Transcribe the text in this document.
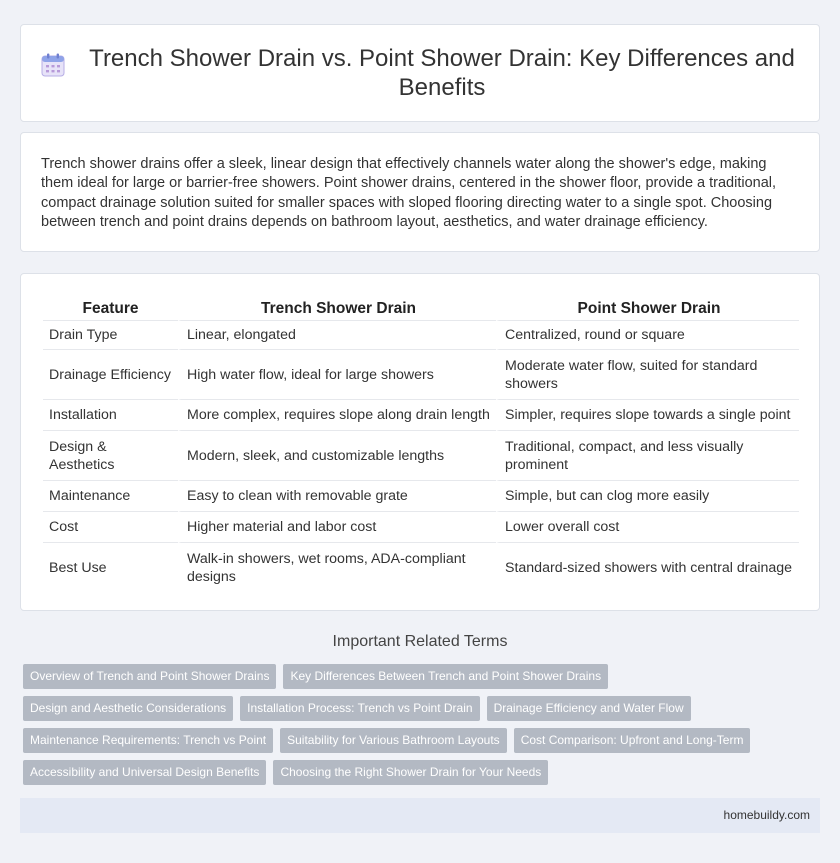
Trench Shower Drain vs. Point Shower Drain: Key Differences and Benefits

Trench shower drains offer a sleek, linear design that effectively channels water along the shower's edge, making them ideal for large or barrier-free showers. Point shower drains, centered in the shower floor, provide a traditional, compact drainage solution suited for smaller spaces with sloped flooring directing water to a single spot. Choosing between trench and point drains depends on bathroom layout, aesthetics, and water drainage efficiency.

Feature	Trench Shower Drain	Point Shower Drain
Drain Type	Linear, elongated	Centralized, round or square
Drainage Efficiency	High water flow, ideal for large showers	Moderate water flow, suited for standard showers
Installation	More complex, requires slope along drain length	Simpler, requires slope towards a single point
Design & Aesthetics	Modern, sleek, and customizable lengths	Traditional, compact, and less visually prominent
Maintenance	Easy to clean with removable grate	Simple, but can clog more easily
Cost	Higher material and labor cost	Lower overall cost
Best Use	Walk-in showers, wet rooms, ADA-compliant designs	Standard-sized showers with central drainage
Important Related Terms
Overview of Trench and Point Shower Drains	Key Differences Between Trench and Point Shower Drains
Design and Aesthetic Considerations	Installation Process: Trench vs Point Drain	Drainage Efficiency and Water Flow
Maintenance Requirements: Trench vs Point	Suitability for Various Bathroom Layouts	Cost Comparison: Upfront and Long-Term
Accessibility and Universal Design Benefits	Choosing the Right Shower Drain for Your Needs
homebuildy.com
